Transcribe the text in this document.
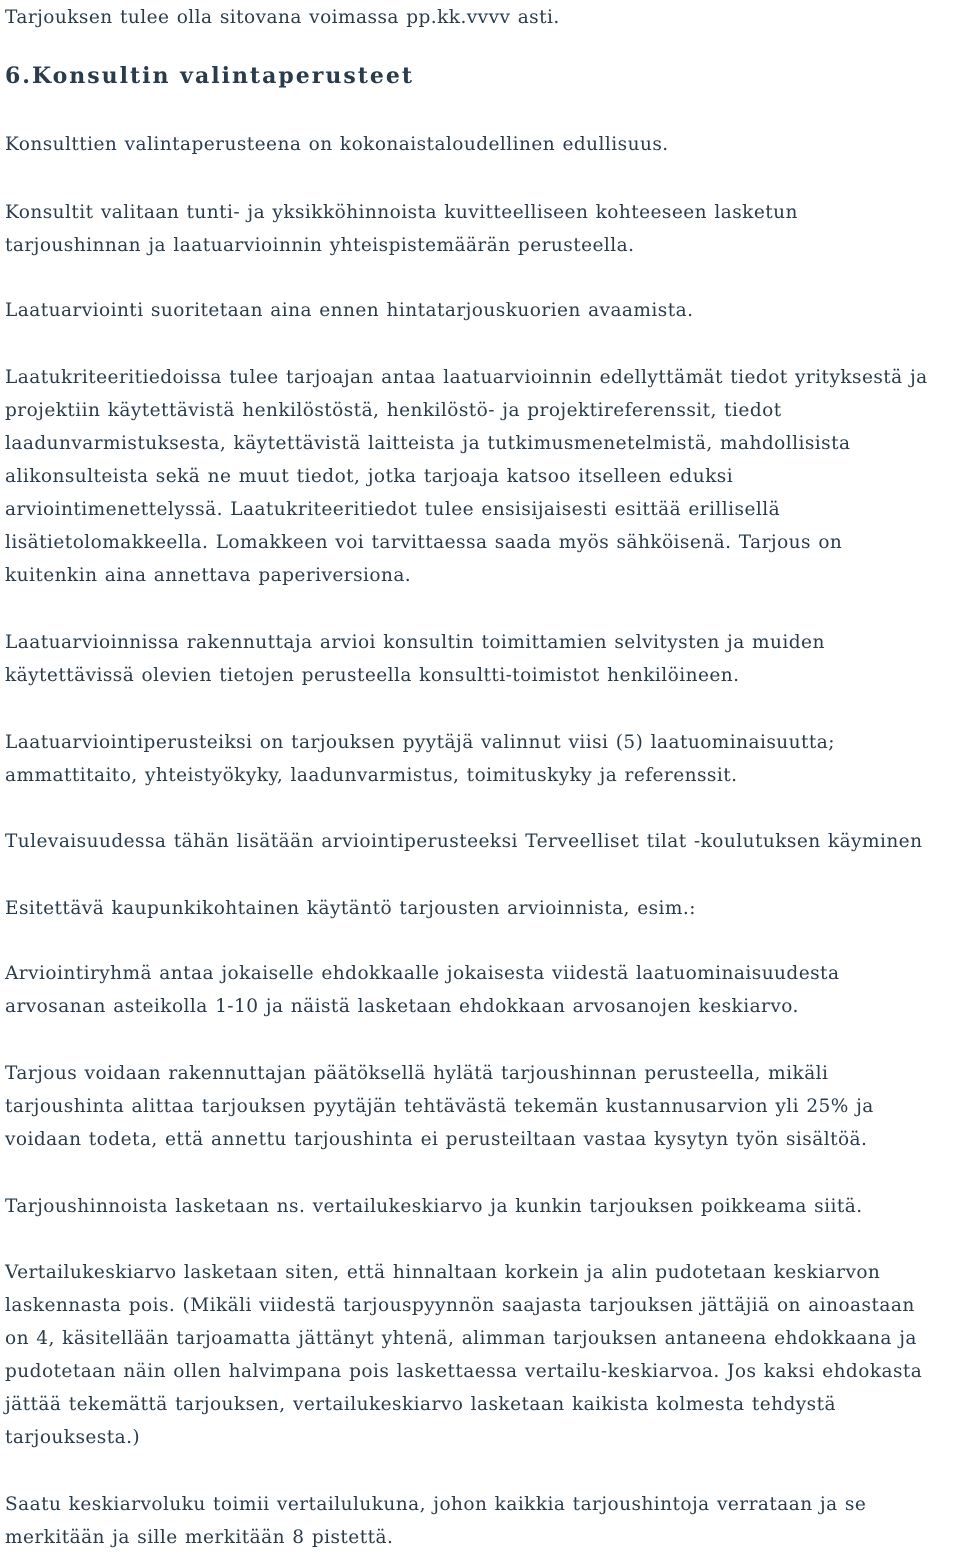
Tarjouksen tulee olla sitovana voimassa pp.kk.vvvv asti.

6.Konsultin valintaperusteet

Konsulttien valintaperusteena on kokonaistaloudellinen edullisuus.

Konsultit valitaan tunti- ja yksikköhinnoista kuvitteelliseen kohteeseen lasketun
tarjoushinnan ja laatuarvioinnin yhteispistemäärän perusteella.

Laatuarviointi suoritetaan aina ennen hintatarjouskuorien avaamista.

Laatukriteeritiedoissa tulee tarjoajan antaa laatuarvioinnin edellyttämät tiedot yrityksestä ja
projektiin käytettävistä henkilöstöstä, henkilöstö- ja projektireferenssit, tiedot
laadunvarmistuksesta, käytettävistä laitteista ja tutkimusmenetelmistä, mahdollisista
alikonsulteista sekä ne muut tiedot, jotka tarjoaja katsoo itselleen eduksi
arviointimenettelyssä. Laatukriteeritiedot tulee ensisijaisesti esittää erillisellä
lisätietolomakkeella. Lomakkeen voi tarvittaessa saada myös sähköisenä. Tarjous on
kuitenkin aina annettava paperiversiona.

Laatuarvioinnissa rakennuttaja arvioi konsultin toimittamien selvitysten ja muiden
käytettävissä olevien tietojen perusteella konsultti-toimistot henkilöineen.

Laatuarviointiperusteiksi on tarjouksen pyytäjä valinnut viisi (5) laatuominaisuutta;
ammattitaito, yhteistyökyky, laadunvarmistus, toimituskyky ja referenssit.

Tulevaisuudessa tähän lisätään arviointiperusteeksi Terveelliset tilat -koulutuksen käyminen

Esitettävä kaupunkikohtainen käytäntö tarjousten arvioinnista, esim.:

Arviointiryhmä antaa jokaiselle ehdokkaalle jokaisesta viidestä laatuominaisuudesta
arvosanan asteikolla 1-10 ja näistä lasketaan ehdokkaan arvosanojen keskiarvo.

Tarjous voidaan rakennuttajan päätöksellä hylätä tarjoushinnan perusteella, mikäli
tarjoushinta alittaa tarjouksen pyytäjän tehtävästä tekemän kustannusarvion yli 25% ja
voidaan todeta, että annettu tarjoushinta ei perusteiltaan vastaa kysytyn työn sisältöä.

Tarjoushinnoista lasketaan ns. vertailukeskiarvo ja kunkin tarjouksen poikkeama siitä.

Vertailukeskiarvo lasketaan siten, että hinnaltaan korkein ja alin pudotetaan keskiarvon
laskennasta pois. (Mikäli viidestä tarjouspyynnön saajasta tarjouksen jättäjiä on ainoastaan
on 4, käsitellään tarjoamatta jättänyt yhtenä, alimman tarjouksen antaneena ehdokkaana ja
pudotetaan näin ollen halvimpana pois laskettaessa vertailu-keskiarvoa. Jos kaksi ehdokasta
jättää tekemättä tarjouksen, vertailukeskiarvo lasketaan kaikista kolmesta tehdystä
tarjouksesta.)

Saatu keskiarvoluku toimii vertailulukuna, johon kaikkia tarjoushintoja verrataan ja se
merkitään ja sille merkitään 8 pistettä.
